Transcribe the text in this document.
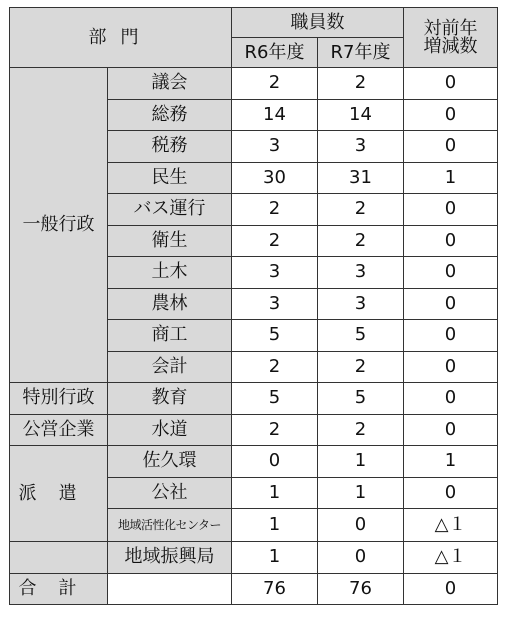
部門		職員数		対前年
増減数
		R6年度	R7年度	
一般行政	議会	2	2	0
	総務	14	14	0
	税務	3	3	0
	民生	30	31	1
	バス運行	2	2	0
	衛生	2	2	0
	土木	3	3	0
	農林	3	3	0
	商工	5	5	0
	会計	2	2	0
特別行政	教育	5	5	0
公営企業	水道	2	2	0
派遣	佐久環	0	1	1
	公社	1	1	0
	地域活性化センター	1	0	△１
	地域振興局	1	0	△１
合計		76	76	0
